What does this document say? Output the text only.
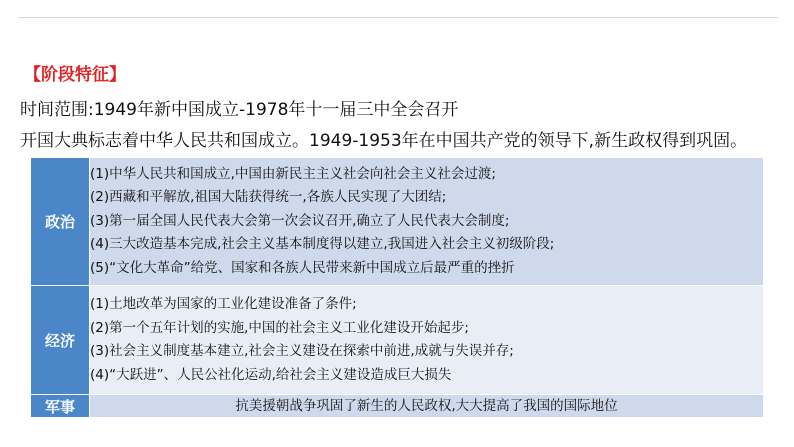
【阶段特征】
时间范围:1949年新中国成立-1978年十一届三中全会召开
开国大典标志着中华人民共和国成立。1949-1953年在中国共产党的领导下,新生政权得到巩固。
政治	(1)中华人民共和国成立,中国由新民主主义社会向社会主义社会过渡;
(2)西藏和平解放,祖国大陆获得统一,各族人民实现了大团结;
(3)第一届全国人民代表大会第一次会议召开,确立了人民代表大会制度;
(4)三大改造基本完成,社会主义基本制度得以建立,我国进入社会主义初级阶段;
(5)“文化大革命”给党、国家和各族人民带来新中国成立后最严重的挫折

经济	(1)土地改革为国家的工业化建设准备了条件;
(2)第一个五年计划的实施,中国的社会主义工业化建设开始起步;
(3)社会主义制度基本建立,社会主义建设在探索中前进,成就与失误并存;
(4)“大跃进”、人民公社化运动,给社会主义建设造成巨大损失

军事	抗美援朝战争巩固了新生的人民政权,大大提高了我国的国际地位
